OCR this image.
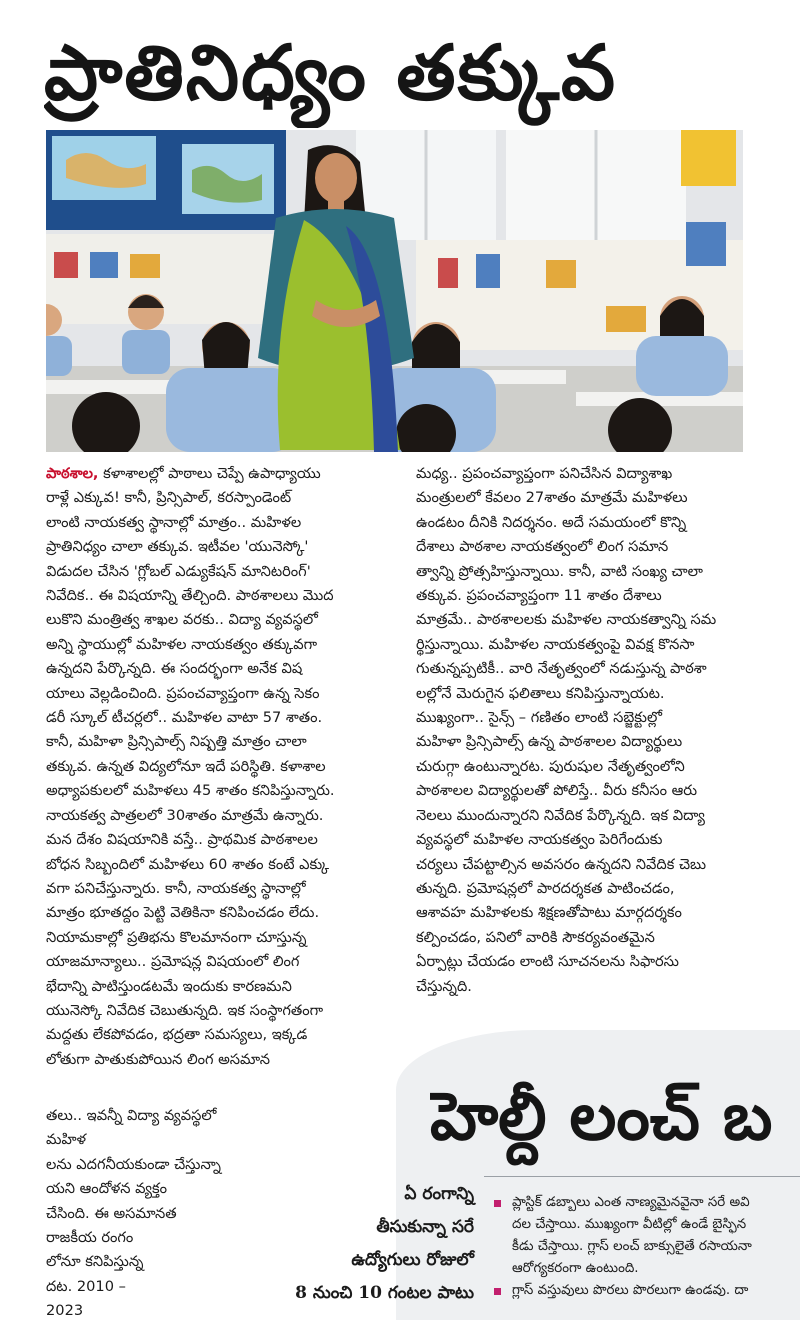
ప్రాతినిధ్యం తక్కువ

పాఠశాల, కళాశాలల్లో పాఠాలు చెప్పే ఉపాధ్యాయు

రాళ్లే ఎక్కువ! కానీ, ప్రిన్సిపాల్, కరస్పాండెంట్

లాంటి నాయకత్వ స్థానాల్లో మాత్రం.. మహిళల

ప్రాతినిధ్యం చాలా తక్కువ. ఇటీవల 'యునెస్కో'

విడుదల చేసిన 'గ్లోబల్ ఎడ్యుకేషన్ మానిటరింగ్'

నివేదిక.. ఈ విషయాన్ని తేల్చింది. పాఠశాలలు మొద

లుకొని మంత్రిత్వ శాఖల వరకు.. విద్యా వ్యవస్థలో

అన్ని స్థాయుల్లో మహిళల నాయకత్వం తక్కువగా

ఉన్నదని పేర్కొన్నది. ఈ సందర్భంగా అనేక విష

యాలు వెల్లడించింది. ప్రపంచవ్యాప్తంగా ఉన్న సెకం

డరీ స్కూల్ టీచర్లలో.. మహిళల వాటా 57 శాతం.

కానీ, మహిళా ప్రిన్సిపాల్స్ నిష్పత్తి మాత్రం చాలా

తక్కువ. ఉన్నత విద్యలోనూ ఇదే పరిస్థితి. కళాశాల

అధ్యాపకులలో మహిళలు 45 శాతం కనిపిస్తున్నారు.

నాయకత్వ పాత్రలలో 30శాతం మాత్రమే ఉన్నారు.

మన దేశం విషయానికి వస్తే.. ప్రాథమిక పాఠశాలల

బోధన సిబ్బందిలో మహిళలు 60 శాతం కంటే ఎక్కు

వగా పనిచేస్తున్నారు. కానీ, నాయకత్వ స్థానాల్లో

మాత్రం భూతద్దం పెట్టి వెతికినా కనిపించడం లేదు.

నియామకాల్లో ప్రతిభను కొలమానంగా చూస్తున్న

యాజమాన్యాలు.. ప్రమోషన్ల విషయంలో లింగ

భేదాన్ని పాటిస్తుండటమే ఇందుకు కారణమని

యునెస్కో నివేదిక చెబుతున్నది. ఇక సంస్థాగతంగా

మద్దతు లేకపోవడం, భద్రతా సమస్యలు, ఇక్కడ

లోతుగా పాతుకుపోయిన లింగ అసమాన

మధ్య.. ప్రపంచవ్యాప్తంగా పనిచేసిన విద్యాశాఖ

మంత్రులలో కేవలం 27శాతం మాత్రమే మహిళలు

ఉండటం దీనికి నిదర్శనం. అదే సమయంలో కొన్ని

దేశాలు పాఠశాల నాయకత్వంలో లింగ సమాన

త్వాన్ని ప్రోత్సహిస్తున్నాయి. కానీ, వాటి సంఖ్య చాలా

తక్కువ. ప్రపంచవ్యాప్తంగా 11 శాతం దేశాలు

మాత్రమే.. పాఠశాలలకు మహిళల నాయకత్వాన్ని సమ

ర్థిస్తున్నాయి. మహిళల నాయకత్వంపై వివక్ష కొనసా

గుతున్నప్పటికీ.. వారి నేతృత్వంలో నడుస్తున్న పాఠశా

లల్లోనే మెరుగైన ఫలితాలు కనిపిస్తున్నాయట.

ముఖ్యంగా.. సైన్స్ – గణితం లాంటి సబ్జెక్టుల్లో

మహిళా ప్రిన్సిపాల్స్ ఉన్న పాఠశాలల విద్యార్థులు

చురుగ్గా ఉంటున్నారట. పురుషుల నేతృత్వంలోని

పాఠశాలల విద్యార్థులతో పోలిస్తే.. వీరు కనీసం ఆరు

నెలలు ముందున్నారని నివేదిక పేర్కొన్నది. ఇక విద్యా

వ్యవస్థలో మహిళల నాయకత్వం పెరిగేందుకు

చర్యలు చేపట్టాల్సిన అవసరం ఉన్నదని నివేదిక చెబు

తున్నది. ప్రమోషన్లలో పారదర్శకత పాటించడం,

ఆశావహ మహిళలకు శిక్షణతోపాటు మార్గదర్శకం

కల్పించడం, పనిలో వారికి సౌకర్యవంతమైన

ఏర్పాట్లు చేయడం లాంటి సూచనలను సిఫారసు

చేస్తున్నది.

తలు.. ఇవన్నీ విద్యా వ్యవస్థలో మహిళ

లను ఎదగనీయకుండా చేస్తున్నా

యని ఆందోళన వ్యక్తం

చేసింది. ఈ అసమానత

రాజకీయ రంగం

లోనూ కనిపిస్తున్న

దట. 2010 –

2023

హెల్దీ లంచ్ బ
ఏ రంగాన్ని
తీసుకున్నా సరే
ఉద్యోగులు రోజులో
8 నుంచి 10 గంటల పాటు
ప్లాస్టిక్ డబ్బాలు ఎంత నాణ్యమైనవైనా సరే అవి
దల చేస్తాయి. ముఖ్యంగా వీటిల్లో ఉండే బైస్ఫిన
కీడు చేస్తాయి. గ్లాస్ లంచ్ బాక్సులైతే రసాయనా
ఆరోగ్యకరంగా ఉంటుంది.
గ్లాస్ వస్తువులు పొరలు పొరలుగా ఉండవు. దా
